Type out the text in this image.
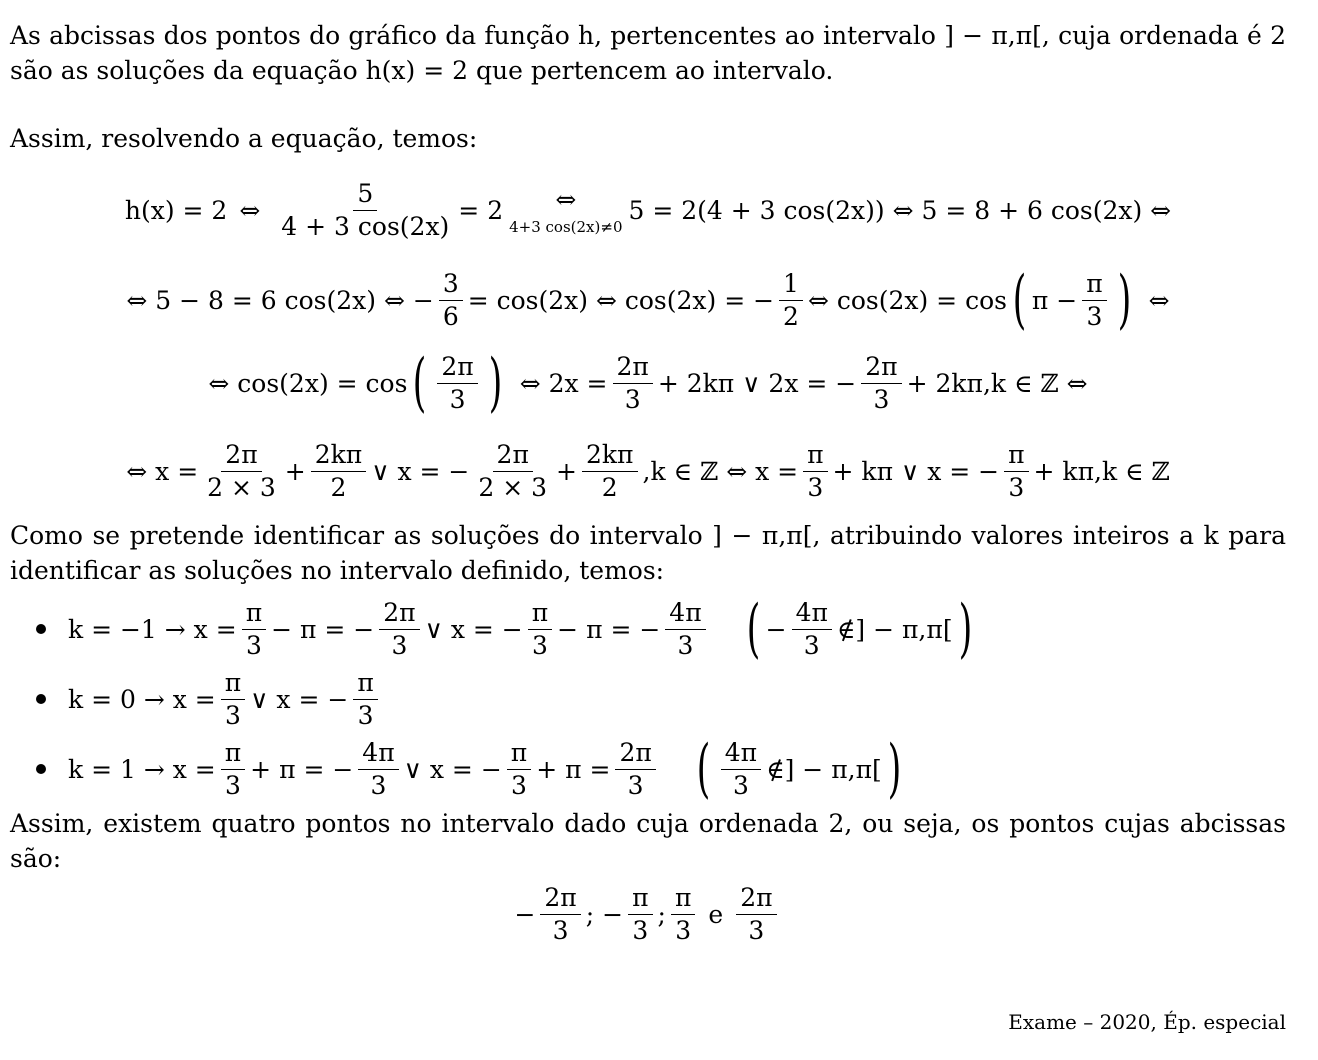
As abcissas dos pontos do gráfico da função h, pertencentes ao intervalo ] − π,π[, cuja ordenada é 2 são as soluções da equação h(x) = 2 que pertencem ao intervalo.

Assim, resolvendo a equação, temos:

h(x) = 2 ⇔ $\frac{5}{4 + 3 \cos(2x)} = 2$ ⇔
4+3 cos(2x)≠0
5 = 2(4 + 3 cos(2x)) ⇔ 5 = 8 + 6 cos(2x) ⇔
⇔ 5 − 8 = 6 cos(2x) ⇔ − $\frac{3}{6} = \cos(2x)$ ⇔ cos(2x) = − $\frac{1}{2}$ ⇔ cos(2x) = cos ( $\pi - \frac{\pi}{3}$ ) ⇔
⇔ cos(2x) = cos ( $\frac{2\pi}{3}$ ) ⇔ $2x = \frac{2\pi}{3} + 2k\pi$ ∨ 2x = − $\frac{2\pi}{3} + 2k\pi,k$ ∈ ℤ ⇔
⇔ $x = \frac{2\pi}{2 \times 3} + \frac{2k\pi}{2}$ ∨ x = − $\frac{2\pi}{2 \times 3} + \frac{2k\pi}{2} ,k$ ∈ ℤ ⇔ $x = \frac{\pi}{3} + k\pi$ ∨ x = − $\frac{\pi}{3} + k\pi,k$ ∈ ℤ

Como se pretende identificar as soluções do intervalo ] − π,π[, atribuindo valores inteiros a k para identificar as soluções no intervalo definido, temos:

$k = -1 \to x = \frac{\pi}{3} - \pi$ = − $\frac{2\pi}{3}$ ∨ x = − $\frac{\pi}{3} - \pi$ = − $\frac{4\pi}{3}$ ( − $\frac{4\pi}{3}$ ∉] − π,π[ )
$k = 0 \to x = \frac{\pi}{3}$ ∨ x = − $\frac{\pi}{3}$
$k = 1 \to x = \frac{\pi}{3} + \pi$ = − $\frac{4\pi}{3}$ ∨ x = − $\frac{\pi}{3} + \pi = \frac{2\pi}{3}$ ( $\frac{4\pi}{3}$ ∉] − π,π[ )

Assim, existem quatro pontos no intervalo dado cuja ordenada 2, ou seja, os pontos cujas abcissas são:

− $\frac{2\pi}{3}$ ; − $\frac{\pi}{3}$ ; $\frac{\pi}{3}$ e $\frac{2\pi}{3}$
Exame – 2020, Ép. especial
